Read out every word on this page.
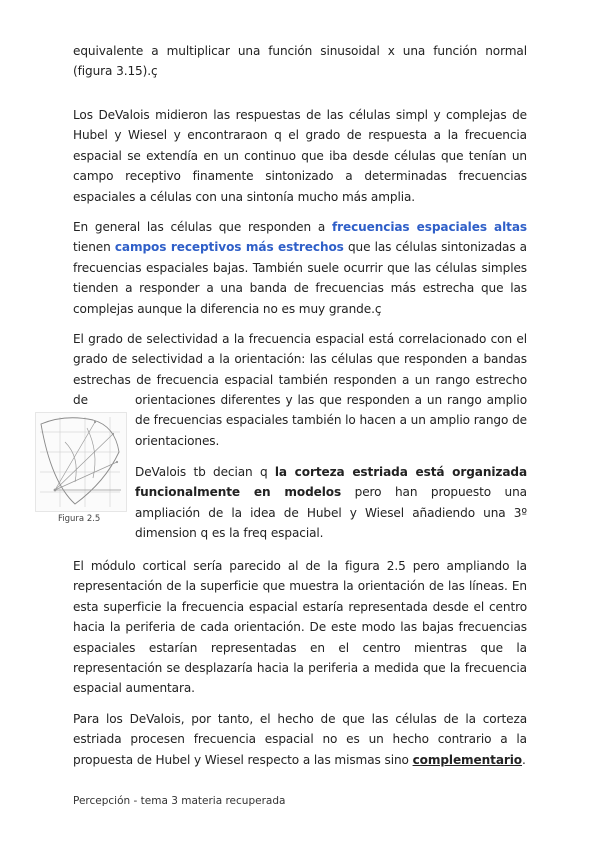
equivalente a multiplicar una función sinusoidal x una función normal (figura 3.15).ç

Los DeValois midieron las respuestas de las células simpl y complejas de Hubel y Wiesel y encontraraon q el grado de respuesta a la frecuencia espacial se extendía en un continuo que iba desde células que tenían un campo receptivo finamente sintonizado a determinadas frecuencias espaciales a células con una sintonía mucho más amplia.

En general las células que responden a frecuencias espaciales altas tienen campos receptivos más estrechos que las células sintonizadas a frecuencias espaciales bajas. También suele ocurrir que las células simples tienden a responder a una banda de frecuencias más estrecha que las complejas aunque la diferencia no es muy grande.ç

El grado de selectividad a la frecuencia espacial está correlacionado con el grado de selectividad a la orientación: las células que responden a bandas estrechas de frecuencia espacial también responden a un rango estrecho de	orientaciones diferentes y las que responden a un rango amplio de frecuencias espaciales también lo hacen a un amplio rango de orientaciones.

Figura 2.5

DeValois tb decian q la corteza estriada está organizada funcionalmente en modelos pero han propuesto una ampliación de la idea de Hubel y Wiesel añadiendo una 3º dimension q es la freq espacial.

El módulo cortical sería parecido al de la figura 2.5 pero ampliando la representación de la superficie que muestra la orientación de las líneas. En esta superficie la frecuencia espacial estaría representada desde el centro hacia la periferia de cada orientación. De este modo las bajas frecuencias espaciales estarían representadas en el centro mientras que la representación se desplazaría hacia la periferia a medida que la frecuencia espacial aumentara.

Para los DeValois, por tanto, el hecho de que las células de la corteza estriada procesen frecuencia espacial no es un hecho contrario a la propuesta de Hubel y Wiesel respecto a las mismas sino complementario.

Percepción - tema 3 materia recuperada
